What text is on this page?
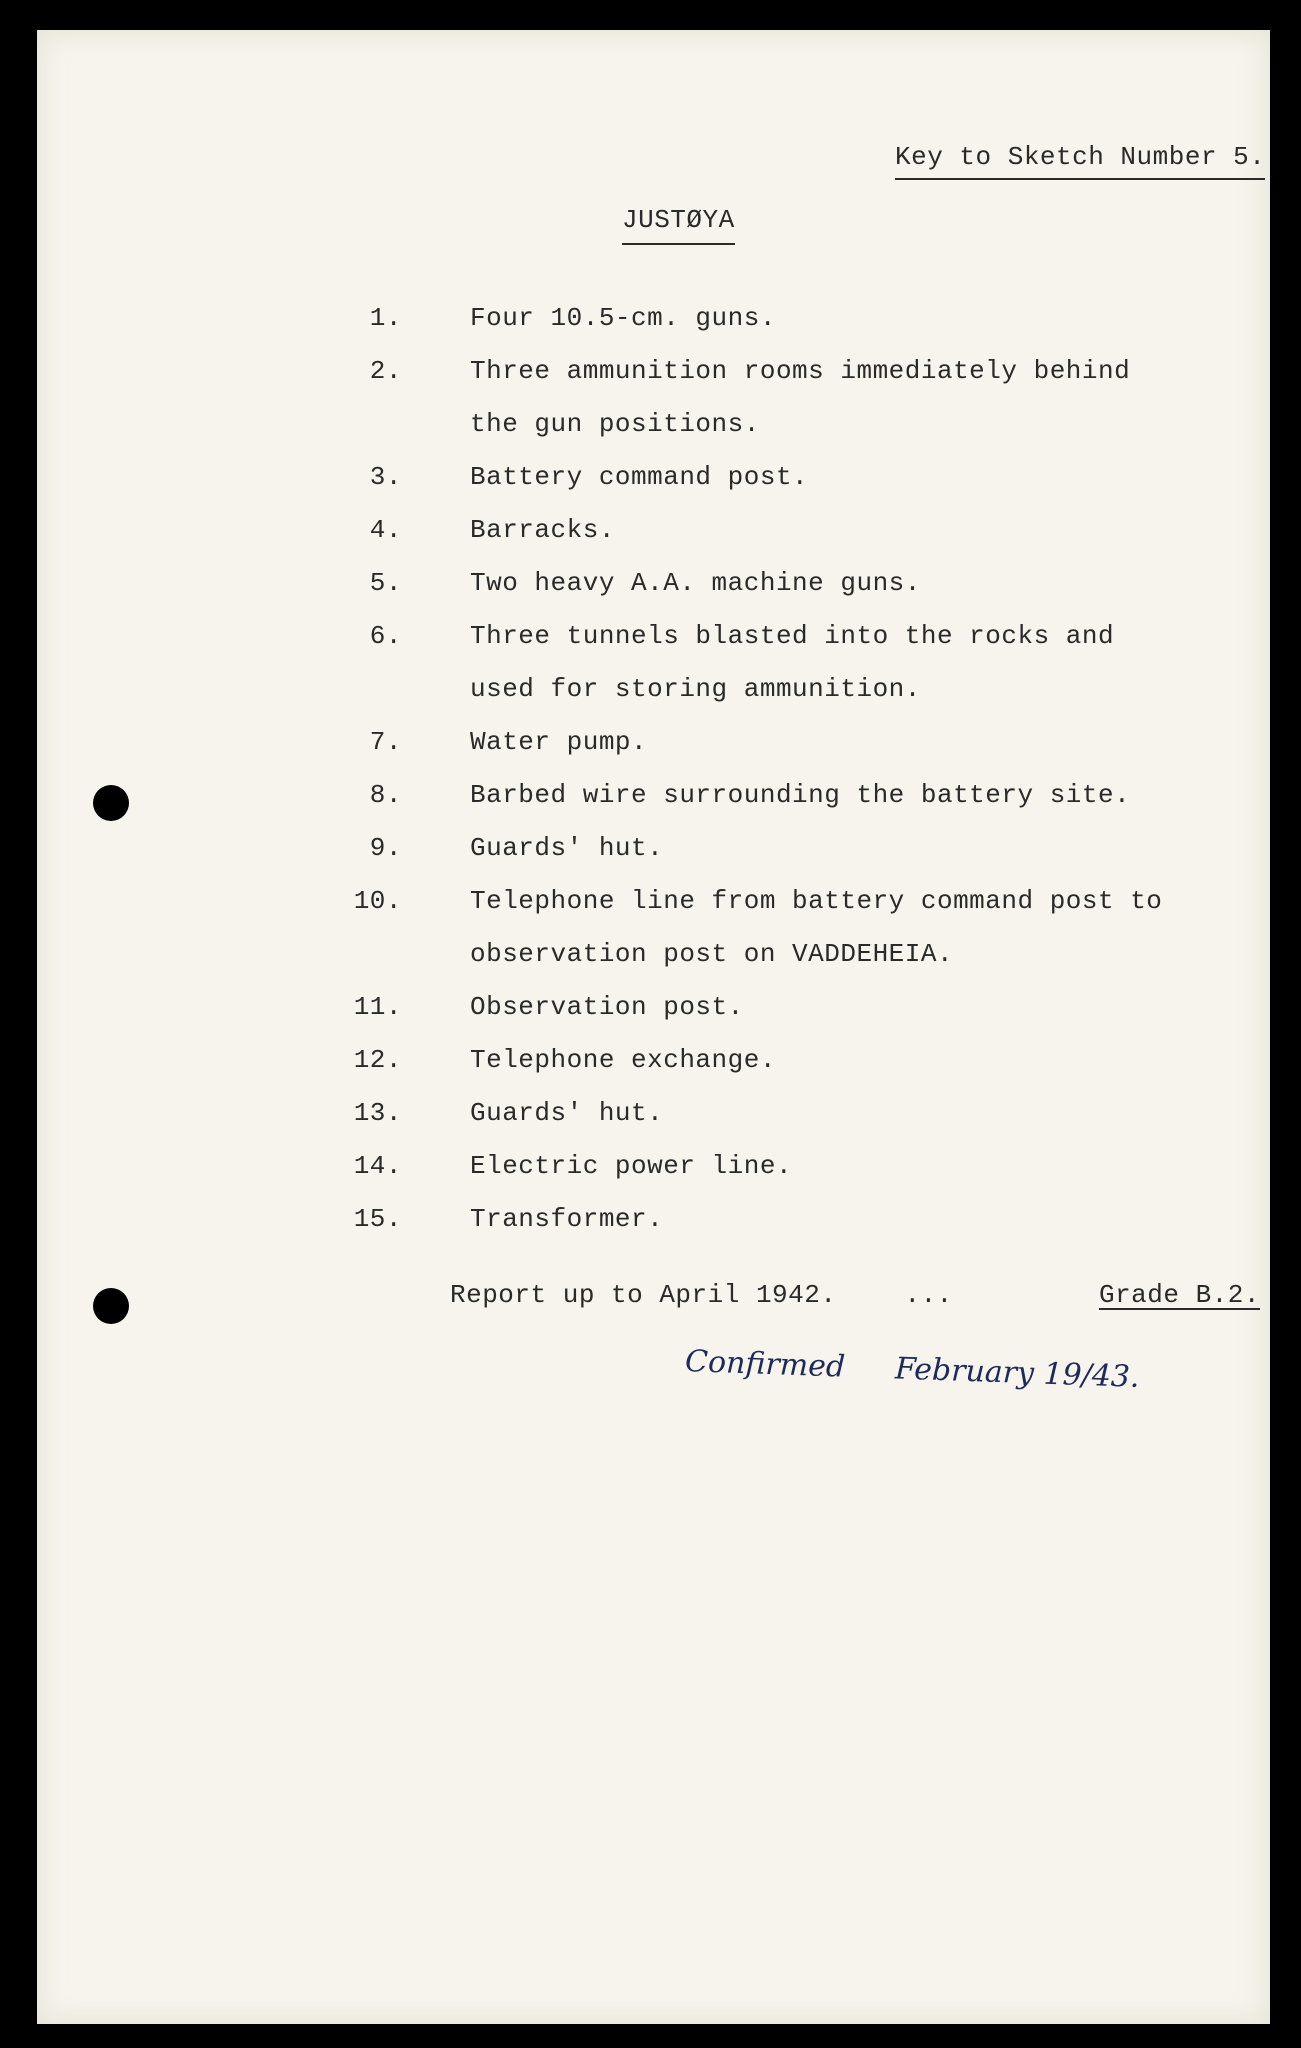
Key to Sketch Number 5.
JUSTØYA
1.	Four 10.5-cm. guns.
2.	Three ammunition rooms immediately behind the gun positions.
3.	Battery command post.
4.	Barracks.
5.	Two heavy A.A. machine guns.
6.	Three tunnels blasted into the rocks and used for storing ammunition.
7.	Water pump.
8.	Barbed wire surrounding the battery site.
9.	Guards' hut.
10.	Telephone line from battery command post to observation post on VADDEHEIA.
11.	Observation post.
12.	Telephone exchange.
13.	Guards' hut.
14.	Electric power line.
15.	Transformer.
Report up to April 1942.	...	Grade B.2.
Confirmed February 19/43.
